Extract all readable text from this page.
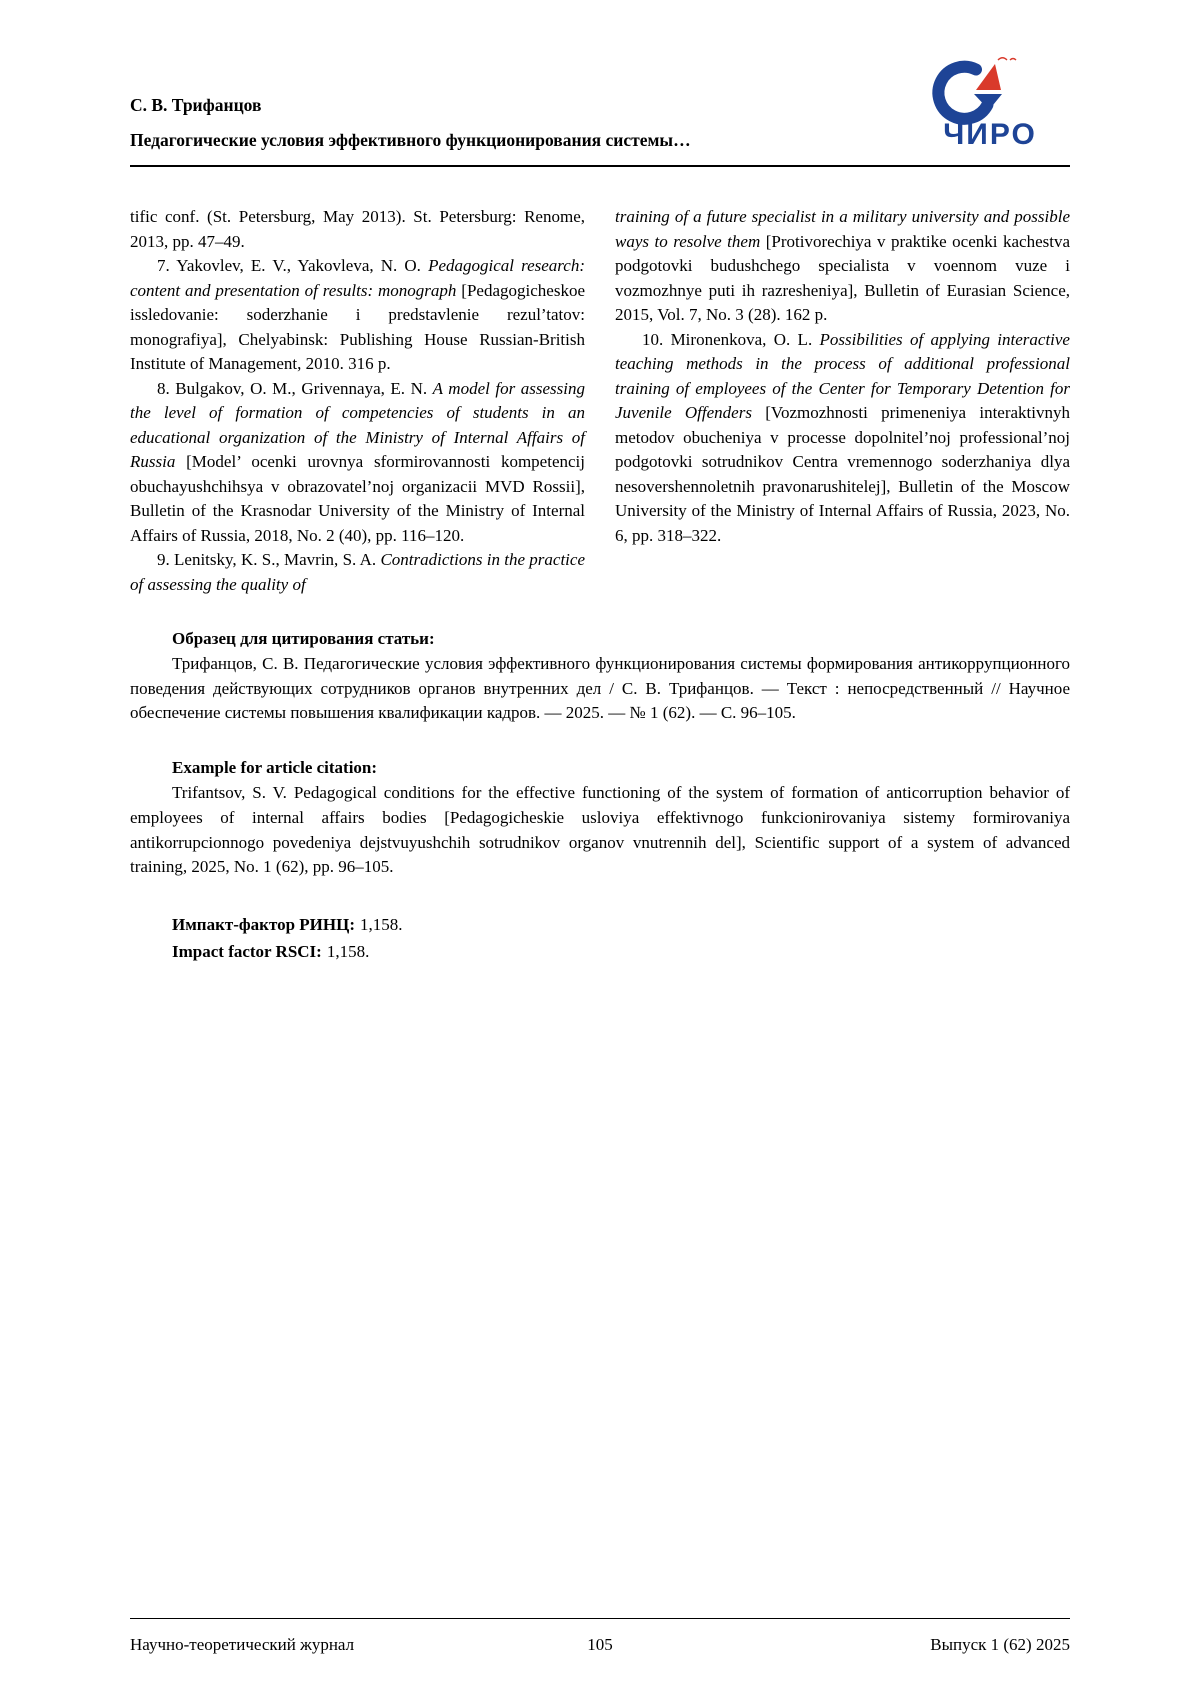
С. В. Трифанцов
Педагогические условия эффективного функционирования системы…	ЧИРО

tific conf. (St. Petersburg, May 2013). St. Petersburg: Renome, 2013, pp. 47–49.

7. Yakovlev, E. V., Yakovleva, N. O. Pedagogical research: content and presentation of results: monograph [Pedagogicheskoe issledovanie: soderzhanie i predstavlenie rezul’tatov: monografiya], Chelyabinsk: Publishing House Russian-British Institute of Management, 2010. 316 p.

8. Bulgakov, O. M., Grivennaya, E. N. A model for assessing the level of formation of competencies of students in an educational organization of the Ministry of Internal Affairs of Russia [Model’ ocenki urovnya sformirovannosti kompetencij obuchayushchihsya v obrazovatel’noj organizacii MVD Rossii], Bulletin of the Krasnodar University of the Ministry of Internal Affairs of Russia, 2018, No. 2 (40), pp. 116–120.

9. Lenitsky, K. S., Mavrin, S. A. Contradictions in the practice of assessing the quality of

training of a future specialist in a military university and possible ways to resolve them [Protivorechiya v praktike ocenki kachestva podgotovki budushchego specialista v voennom vuze i vozmozhnye puti ih razresheniya], Bulletin of Eurasian Science, 2015, Vol. 7, No. 3 (28). 162 p.

10. Mironenkova, O. L. Possibilities of applying interactive teaching methods in the process of additional professional training of employees of the Center for Temporary Detention for Juvenile Offenders [Vozmozhnosti primeneniya interaktivnyh metodov obucheniya v processe dopolnitel’noj professional’noj podgotovki sotrudnikov Centra vremennogo soderzhaniya dlya nesovershennoletnih pravonarushitelej], Bulletin of the Moscow University of the Ministry of Internal Affairs of Russia, 2023, No. 6, pp. 318–322.

Образец для цитирования статьи:

Трифанцов, С. В. Педагогические условия эффективного функционирования системы формирования антикоррупционного поведения действующих сотрудников органов внутренних дел / С. В. Трифанцов. — Текст : непосредственный // Научное обеспечение системы повышения квалификации кадров. — 2025. — № 1 (62). — С. 96–105.

Example for article citation:

Trifantsov, S. V. Pedagogical conditions for the effective functioning of the system of formation of anticorruption behavior of employees of internal affairs bodies [Pedagogicheskie usloviya effektivnogo funkcionirovaniya sistemy formirovaniya antikorrupcionnogo povedeniya dejstvuyushchih sotrudnikov organov vnutrennih del], Scientific support of a system of advanced training, 2025, No. 1 (62), pp. 96–105.

Импакт-фактор РИНЦ: 1,158.

Impact factor RSCI: 1,158.

Научно-теоретический журнал	105	Выпуск 1 (62) 2025
